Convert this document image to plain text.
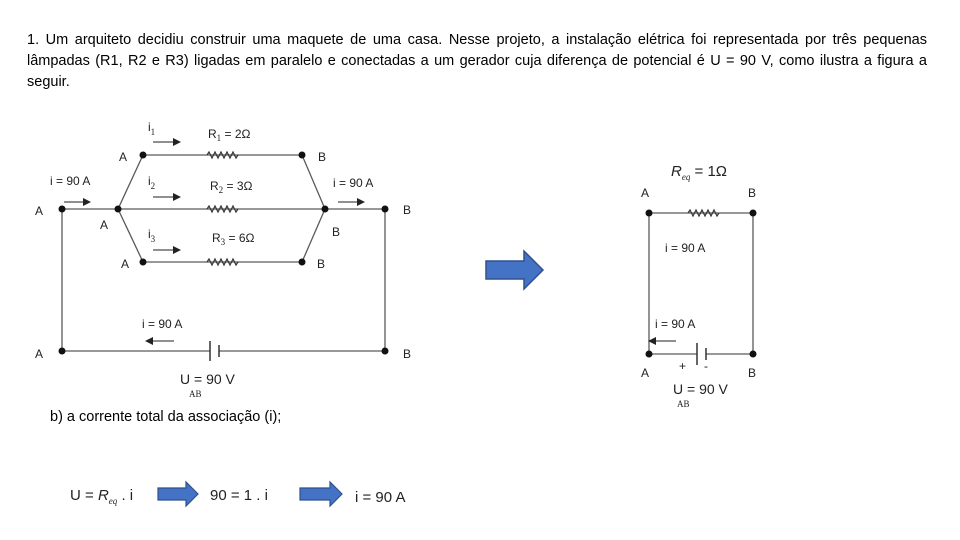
1. Um arquiteto decidiu construir uma maquete de uma casa. Nesse projeto, a instalação elétrica foi representada por três pequenas lâmpadas (R1, R2 e R3) ligadas em paralelo e conectadas a um gerador cuja diferença de potencial é U = 90 V, como ilustra a figura a seguir.
b) a corrente total da associação (i);
$i_1$
$i_2$
$i_3$
$R_1 = 2\Omega$
$R_2 = 3\Omega$
$R_3 = 6\Omega$
A	B
A
A	B
B
A	B
A	B
i = 90 A	i = 90 A
i = 90 A
U = 90 V
AB
$R_{eq} = 1\Omega$
A	B
i = 90 A
i = 90 A
+ -
A	B
U = 90 V
AB
$U = R_{eq}$ . i	90 = 1 . i	i = 90 A
